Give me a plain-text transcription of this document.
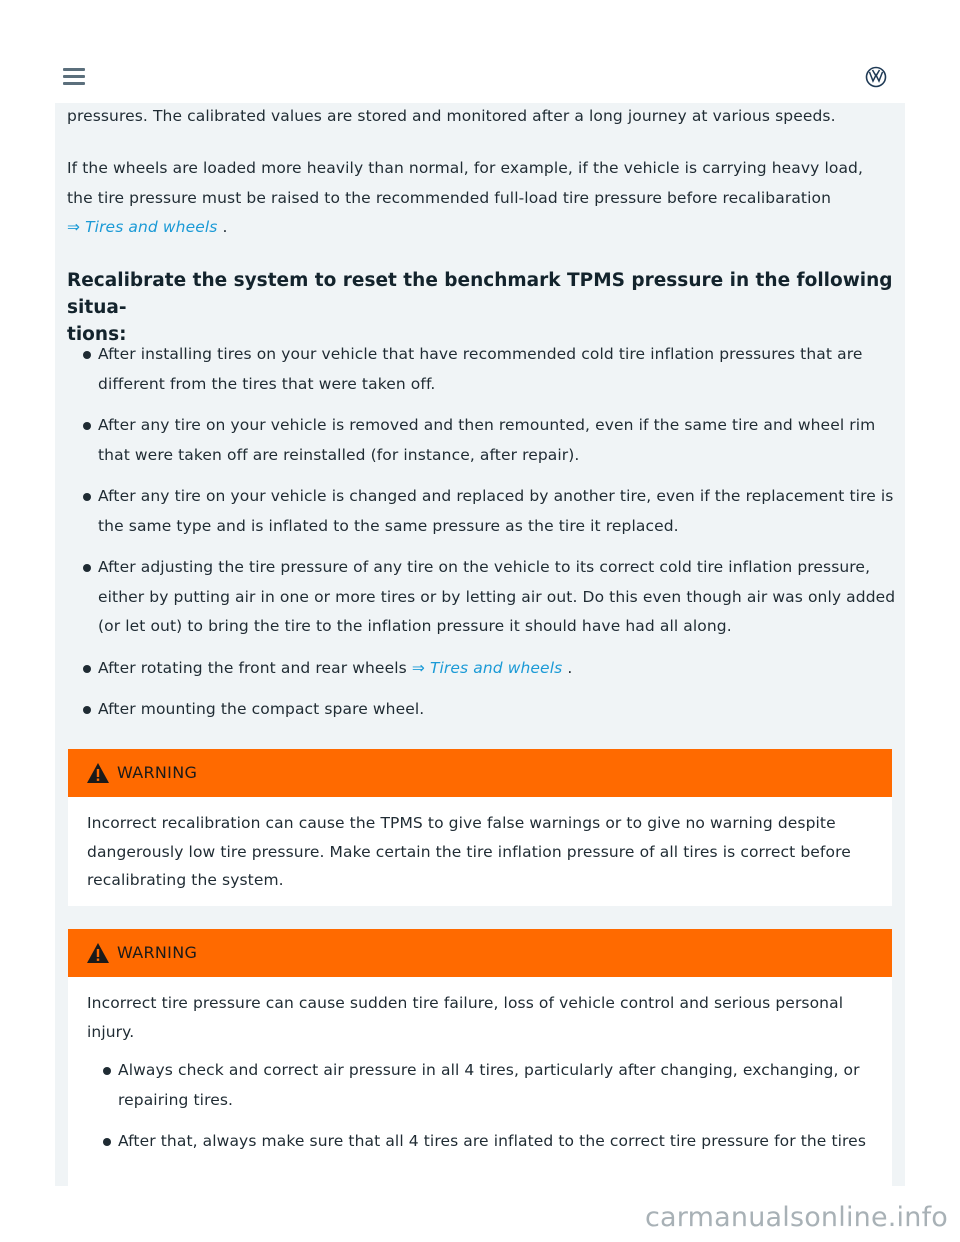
pressures. The calibrated values are stored and monitored after a long journey at various speeds.

If the wheels are loaded more heavily than normal, for example, if the vehicle is carrying heavy load, the tire pressure must be raised to the recommended full-load tire pressure before recalibaration
⇒ Tires and wheels .

Recalibrate the system to reset the benchmark TPMS pressure in the following situa-
tions:
After installing tires on your vehicle that have recommended cold tire inflation pressures that are different from the tires that were taken off.
After any tire on your vehicle is removed and then remounted, even if the same tire and wheel rim that were taken off are reinstalled (for instance, after repair).
After any tire on your vehicle is changed and replaced by another tire, even if the replacement tire is the same type and is inflated to the same pressure as the tire it replaced.
After adjusting the tire pressure of any tire on the vehicle to its correct cold tire inflation pressure, either by putting air in one or more tires or by letting air out. Do this even though air was only added (or let out) to bring the tire to the inflation pressure it should have had all along.
After rotating the front and rear wheels ⇒ Tires and wheels .
After mounting the compact spare wheel.
WARNING

Incorrect recalibration can cause the TPMS to give false warnings or to give no warning despite dangerously low tire pressure. Make certain the tire inflation pressure of all tires is correct before recalibrating the system.

WARNING

Incorrect tire pressure can cause sudden tire failure, loss of vehicle control and serious personal injury.

Always check and correct air pressure in all 4 tires, particularly after changing, exchanging, or repairing tires.
After that, always make sure that all 4 tires are inflated to the correct tire pressure for the tires
carmanualsonline.info
